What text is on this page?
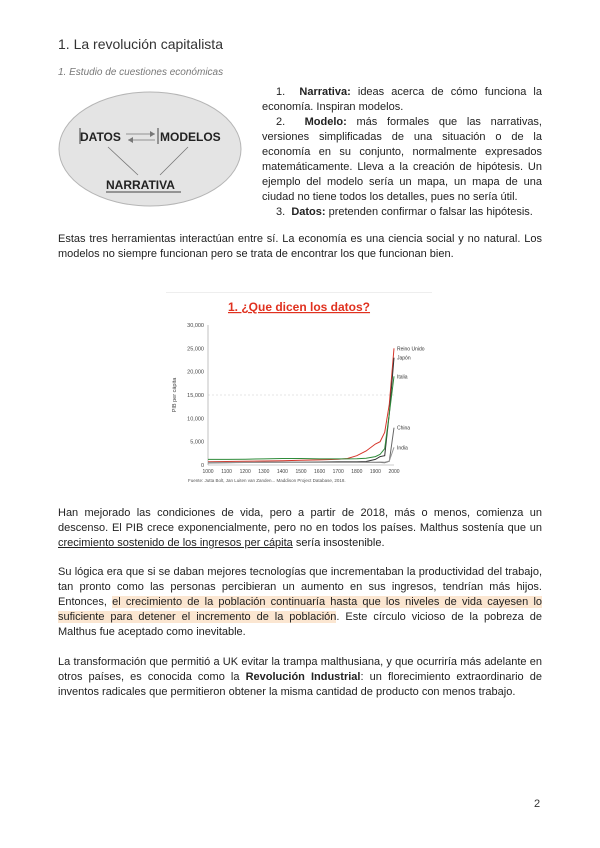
1. La revolución capitalista
1. Estudio de cuestiones económicas
DATOS	MODELOS
NARRATIVA
1. Narrativa: ideas acerca de cómo funciona la economía. Inspiran modelos.
2. Modelo: más formales que las narrativas, versiones simplificadas de una situación o de la economía en su conjunto, normalmente expresados matemáticamente. Lleva a la creación de hipótesis. Un ejemplo del modelo sería un mapa, un mapa de una ciudad no tiene todos los detalles, pues no sería útil.
3. Datos: pretenden confirmar o falsar las hipótesis.
Estas tres herramientas interactúan entre sí. La economía es una ciencia social y no natural. Los modelos no siempre funcionan pero se trata de encontrar los que funcionan bien.
1. ¿Que dicen los datos?
0
5,000
10,000
15,000
20,000
25,000
30,000
1000 1100 1200 1300 1400 1500 1600 1700 1800 1900 2000
PIB per cápita
Reino Unido
Japón
Italia
China
India
Fuente: Jutta Bolt, Jan Luiten van Zanden... Maddison Project Database, 2018.
Han mejorado las condiciones de vida, pero a partir de 2018, más o menos, comienza un descenso. El PIB crece exponencialmente, pero no en todos los países. Malthus sostenía que un crecimiento sostenido de los ingresos per cápita sería insostenible.
Su lógica era que si se daban mejores tecnologías que incrementaban la productividad del trabajo, tan pronto como las personas percibieran un aumento en sus ingresos, tendrían más hijos. Entonces, el crecimiento de la población continuaría hasta que los niveles de vida cayesen lo suficiente para detener el incremento de la población. Este círculo vicioso de la pobreza de Malthus fue aceptado como inevitable.
La transformación que permitió a UK evitar la trampa malthusiana, y que ocurriría más adelante en otros países, es conocida como la Revolución Industrial: un florecimiento extraordinario de inventos radicales que permitieron obtener la misma cantidad de producto con menos trabajo.
2
